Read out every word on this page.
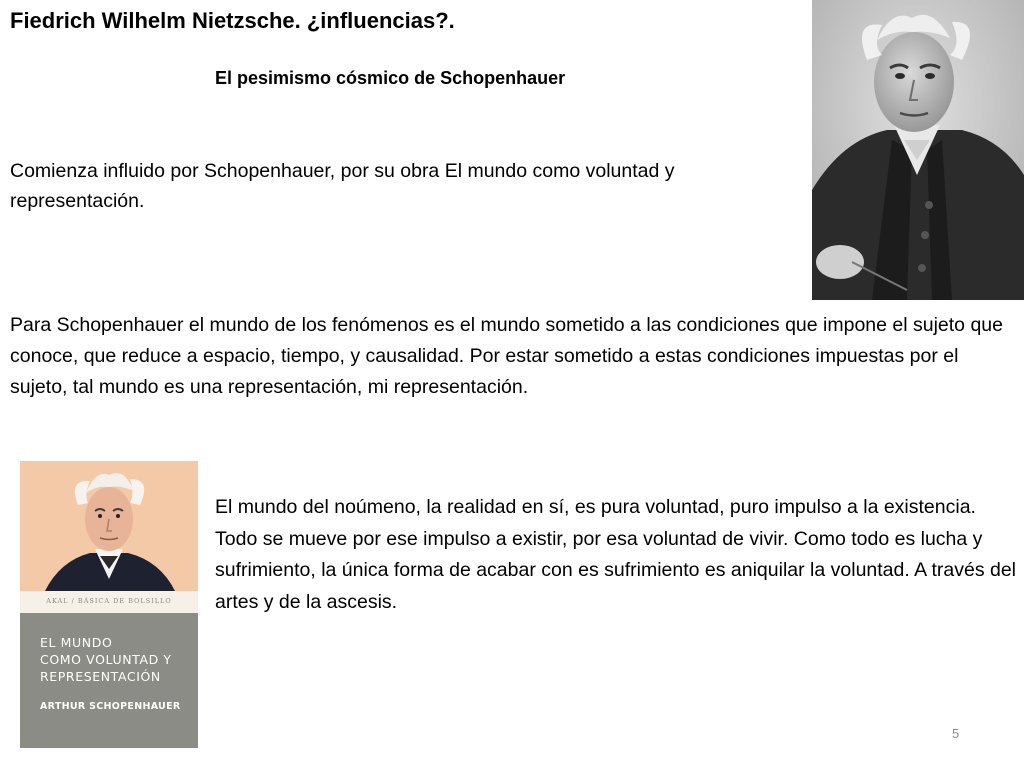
Fiedrich Wilhelm Nietzsche. ¿influencias?.
El pesimismo cósmico de Schopenhauer
Comienza influido por Schopenhauer, por su obra El mundo como voluntad y representación.
Para Schopenhauer el mundo de los fenómenos es el mundo sometido a las condiciones que impone el sujeto que conoce, que reduce a espacio, tiempo, y causalidad. Por estar sometido a estas condiciones impuestas por el sujeto, tal mundo es una representación, mi representación.
El mundo del noúmeno, la realidad en sí, es pura voluntad, puro impulso a la existencia. Todo se mueve por ese impulso a existir, por esa voluntad de vivir. Como todo es lucha y sufrimiento, la única forma de acabar con es sufrimiento es aniquilar la voluntad. A través del artes y de la ascesis.
AKAL / BÁSICA DE BOLSILLO
EL MUNDO
COMO VOLUNTAD Y
REPRESENTACIÓN
ARTHUR SCHOPENHAUER
5
